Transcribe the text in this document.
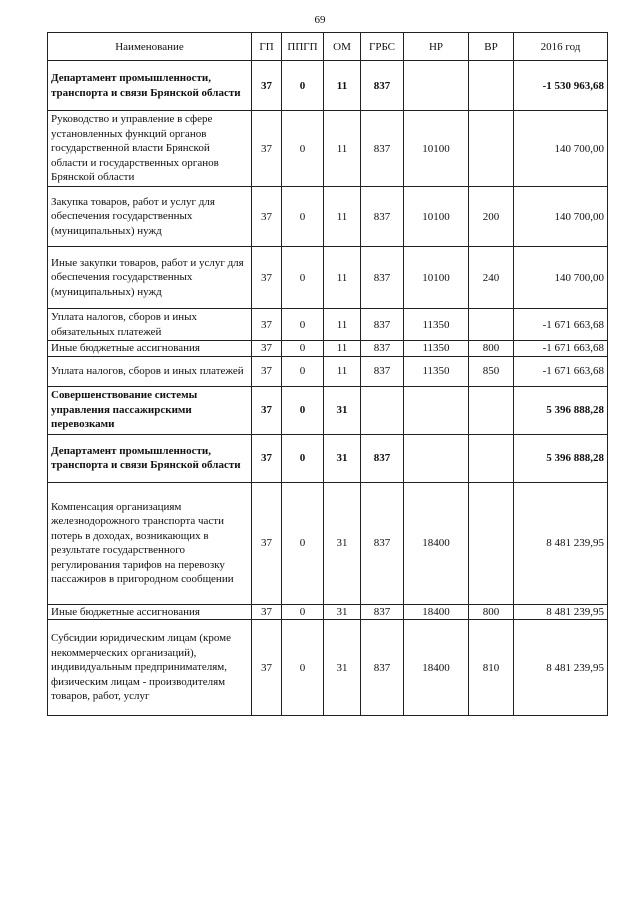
69
Наименование	ГП	ППГП	ОМ	ГРБС	НР	ВР	2016 год
Департамент промышленности, транспорта и связи Брянской области	37	0	11	837			-1 530 963,68
Руководство и управление в сфере установленных функций органов государственной власти Брянской области и государственных органов Брянской области	37	0	11	837	10100		140 700,00
Закупка товаров, работ и услуг для обеспечения государственных (муниципальных) нужд	37	0	11	837	10100	200	140 700,00
Иные закупки товаров, работ и услуг для обеспечения государственных (муниципальных) нужд	37	0	11	837	10100	240	140 700,00
Уплата налогов, сборов и иных обязательных платежей	37	0	11	837	11350		-1 671 663,68
Иные бюджетные ассигнования	37	0	11	837	11350	800	-1 671 663,68
Уплата налогов, сборов и иных платежей	37	0	11	837	11350	850	-1 671 663,68
Совершенствование системы управления пассажирскими перевозками	37	0	31				5 396 888,28
Департамент промышленности, транспорта и связи Брянской области	37	0	31	837			5 396 888,28
Компенсация организациям железнодорожного транспорта части потерь в доходах, возникающих в результате государственного регулирования тарифов на перевозку пассажиров в пригородном сообщении	37	0	31	837	18400		8 481 239,95
Иные бюджетные ассигнования	37	0	31	837	18400	800	8 481 239,95
Субсидии юридическим лицам (кроме некоммерческих организаций), индивидуальным предпринимателям, физическим лицам - производителям товаров, работ, услуг	37	0	31	837	18400	810	8 481 239,95
